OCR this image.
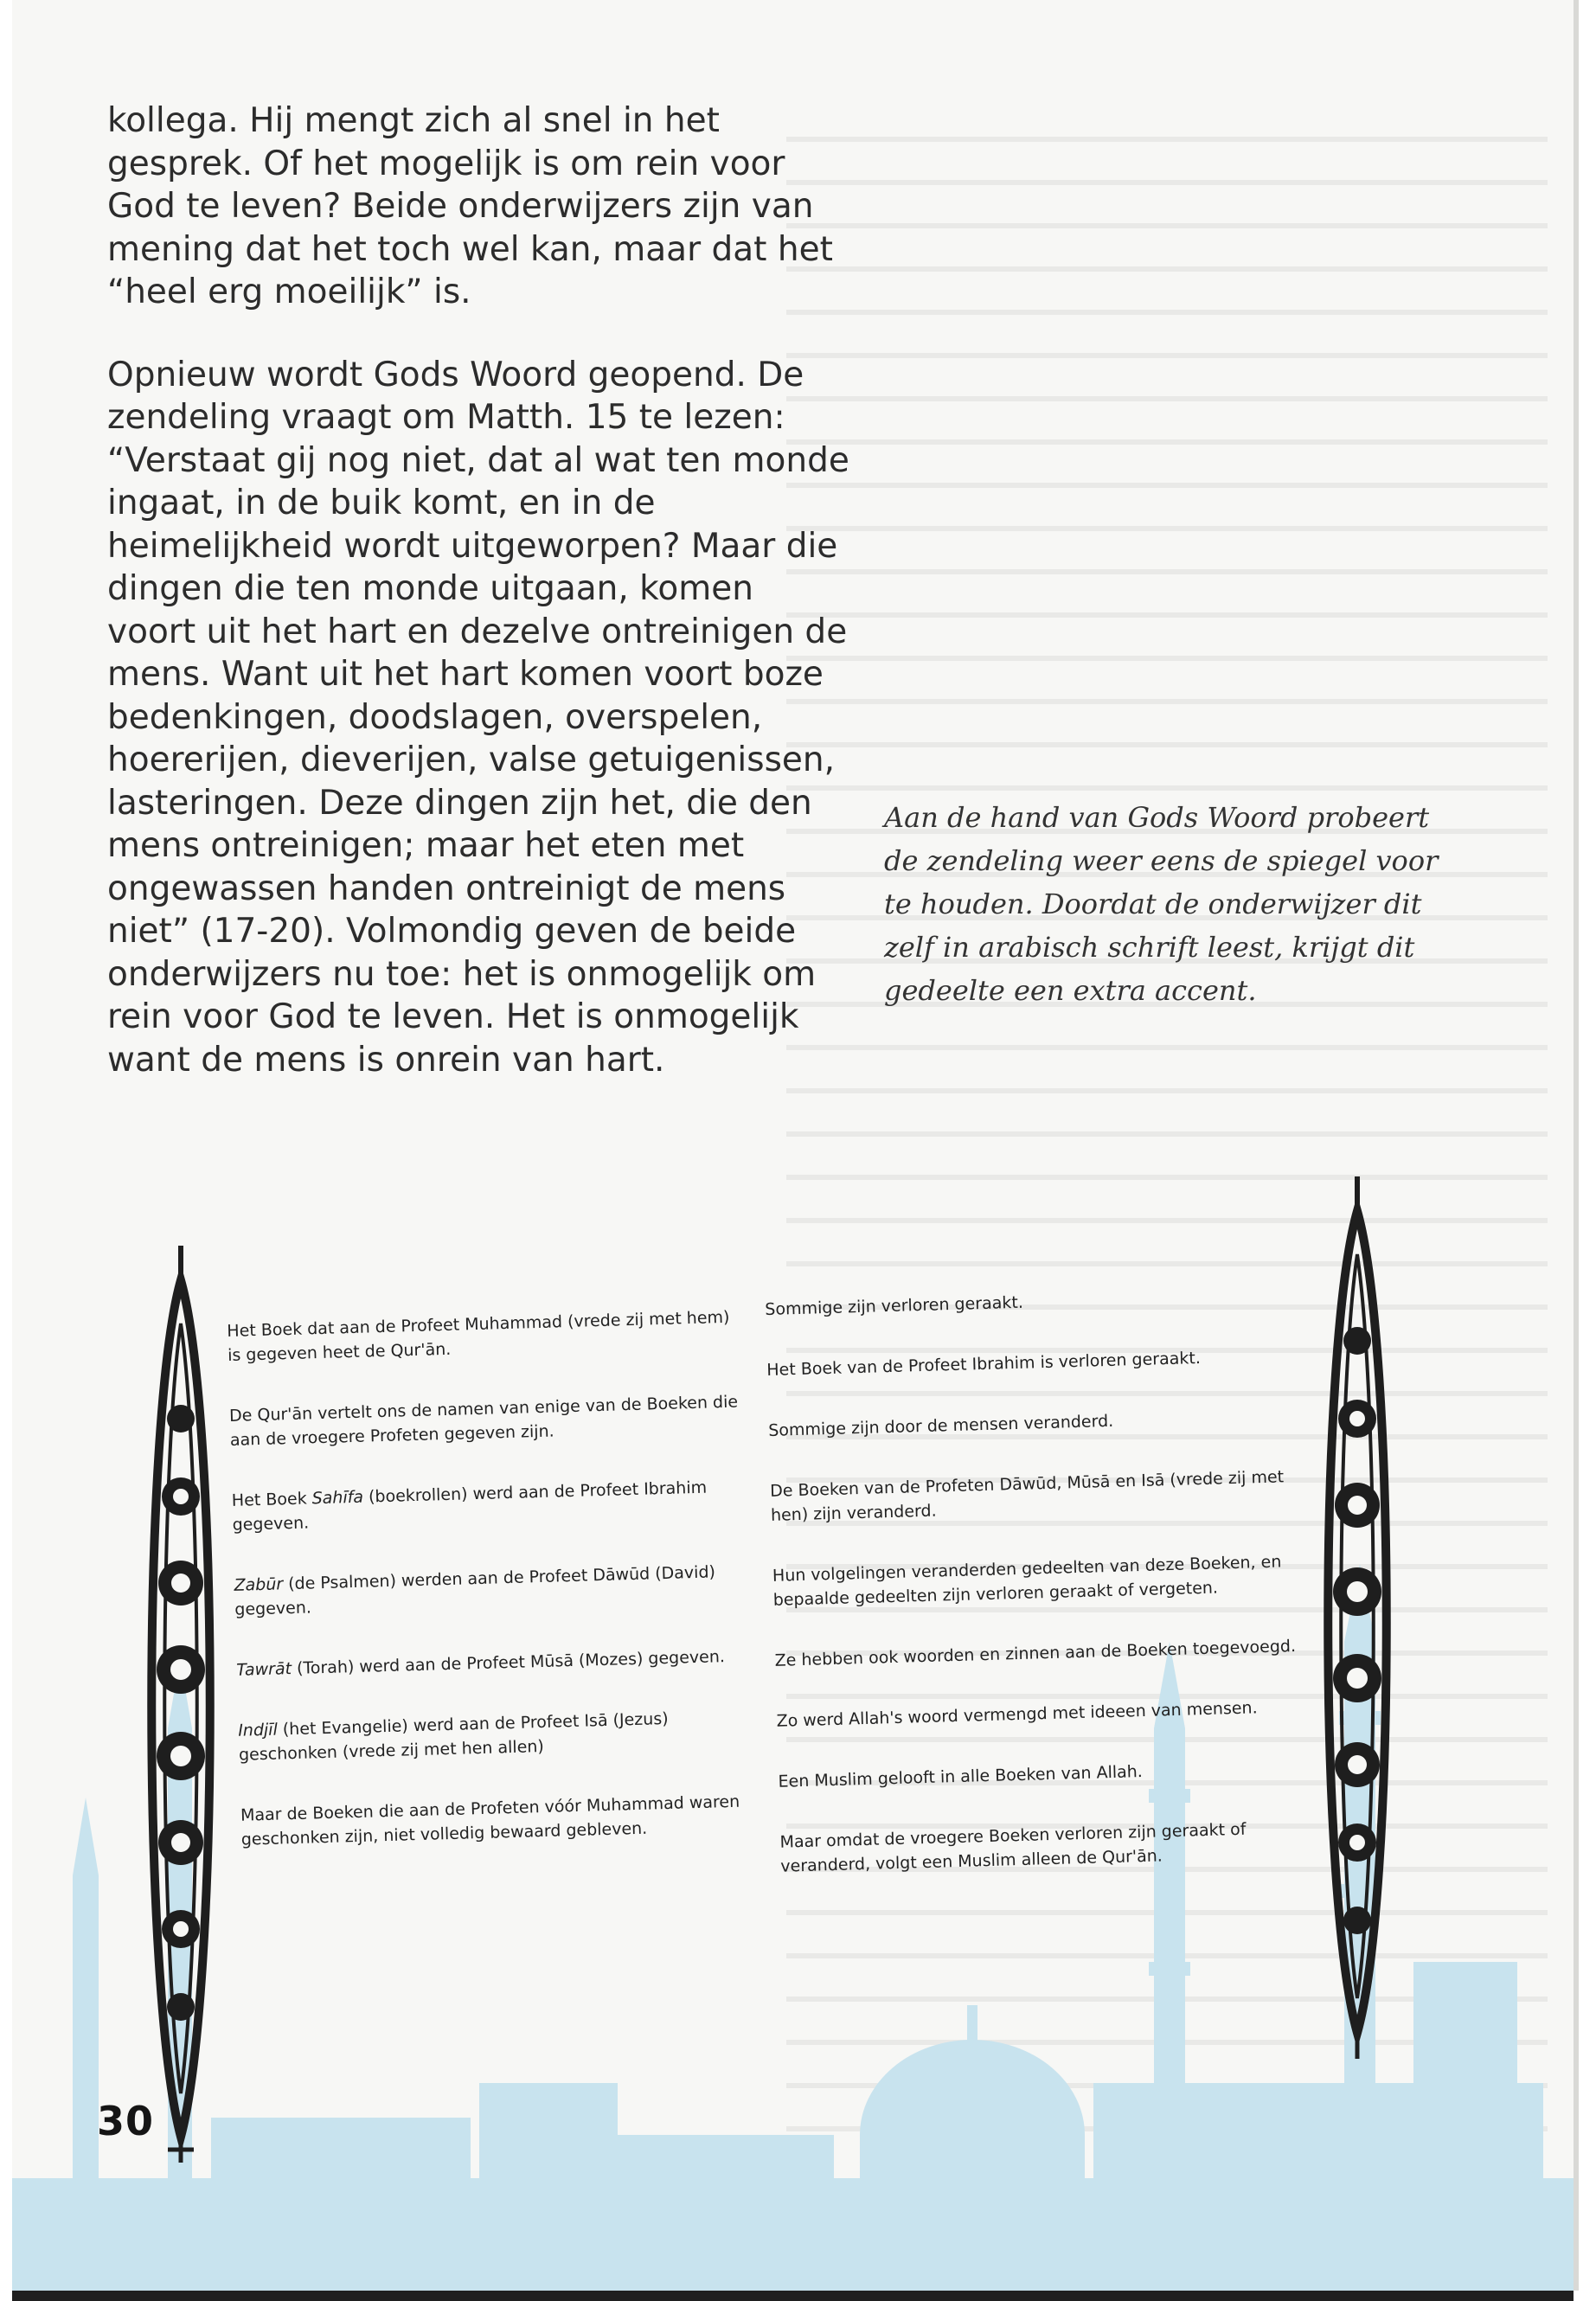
kollega. Hij mengt zich al snel in het gesprek. Of het mogelijk is om rein voor God te leven? Beide onderwijzers zijn van mening dat het toch wel kan, maar dat het “heel erg moeilijk” is.

Opnieuw wordt Gods Woord geopend. De zendeling vraagt om Matth. 15 te lezen: “Verstaat gij nog niet, dat al wat ten monde ingaat, in de buik komt, en in de heimelijkheid wordt uitgeworpen? Maar die dingen die ten monde uitgaan, komen voort uit het hart en dezelve ontreinigen de mens. Want uit het hart komen voort boze bedenkingen, doodslagen, overspelen, hoererijen, dieverijen, valse getuigenissen, lasteringen. Deze dingen zijn het, die den mens ontreinigen; maar het eten met ongewassen handen ontreinigt de mens niet” (17-20). Volmondig geven de beide onderwijzers nu toe: het is onmogelijk om rein voor God te leven. Het is onmogelijk want de mens is onrein van hart.

Aan de hand van Gods Woord probeert de zendeling weer eens de spiegel voor te houden. Doordat de onderwijzer dit zelf in arabisch schrift leest, krijgt dit gedeelte een extra accent.

Het Boek dat aan de Profeet Muhammad (vrede zij met hem) is gegeven heet de Qur'ān.

De Qur'ān vertelt ons de namen van enige van de Boeken die aan de vroegere Profeten gegeven zijn.

Het Boek Sahīfa (boekrollen) werd aan de Profeet Ibrahim gegeven.

Zabūr (de Psalmen) werden aan de Profeet Dāwūd (David) gegeven.

Tawrāt (Torah) werd aan de Profeet Mūsā (Mozes) gegeven.

Indjīl (het Evangelie) werd aan de Profeet Isā (Jezus) geschonken (vrede zij met hen allen)

Maar de Boeken die aan de Profeten vóór Muhammad waren geschonken zijn, niet volledig bewaard gebleven.

Sommige zijn verloren geraakt.

Het Boek van de Profeet Ibrahim is verloren geraakt.

Sommige zijn door de mensen veranderd.

De Boeken van de Profeten Dāwūd, Mūsā en Isā (vrede zij met hen) zijn veranderd.

Hun volgelingen veranderden gedeelten van deze Boeken, en bepaalde gedeelten zijn verloren geraakt of vergeten.

Ze hebben ook woorden en zinnen aan de Boeken toegevoegd.

Zo werd Allah's woord vermengd met ideeen van mensen.

Een Muslim gelooft in alle Boeken van Allah.

Maar omdat de vroegere Boeken verloren zijn geraakt of veranderd, volgt een Muslim alleen de Qur'ān.

30
